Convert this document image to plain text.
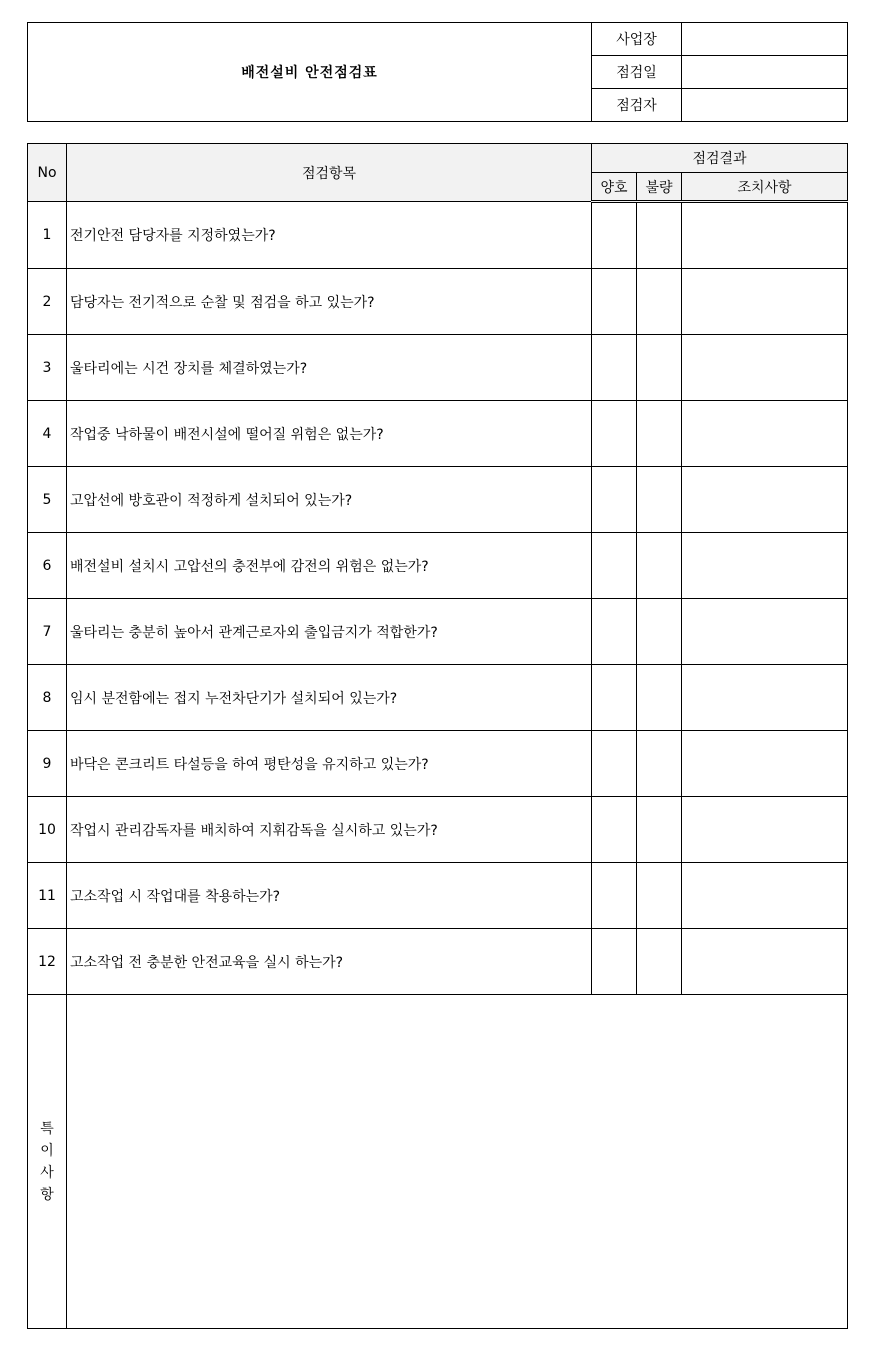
배전설비 안전점검표	사업장	
	점검일	
	점검자	
No	점검항목	점검결과		
		양호	불량	조치사항
1	전기안전 담당자를 지정하였는가?			
2	담당자는 전기적으로 순찰 및 점검을 하고 있는가?			
3	울타리에는 시건 장치를 체결하였는가?			
4	작업중 낙하물이 배전시설에 떨어질 위험은 없는가?			
5	고압선에 방호관이 적정하게 설치되어 있는가?			
6	배전설비 설치시 고압선의 충전부에 감전의 위험은 없는가?			
7	울타리는 충분히 높아서 관계근로자외 출입금지가 적합한가?			
8	임시 분전함에는 접지 누전차단기가 설치되어 있는가?			
9	바닥은 콘크리트 타설등을 하여 평탄성을 유지하고 있는가?			
10	작업시 관리감독자를 배치하여 지휘감독을 실시하고 있는가?			
11	고소작업 시 작업대를 착용하는가?			
12	고소작업 전 충분한 안전교육을 실시 하는가?			

특
이
사
항				
